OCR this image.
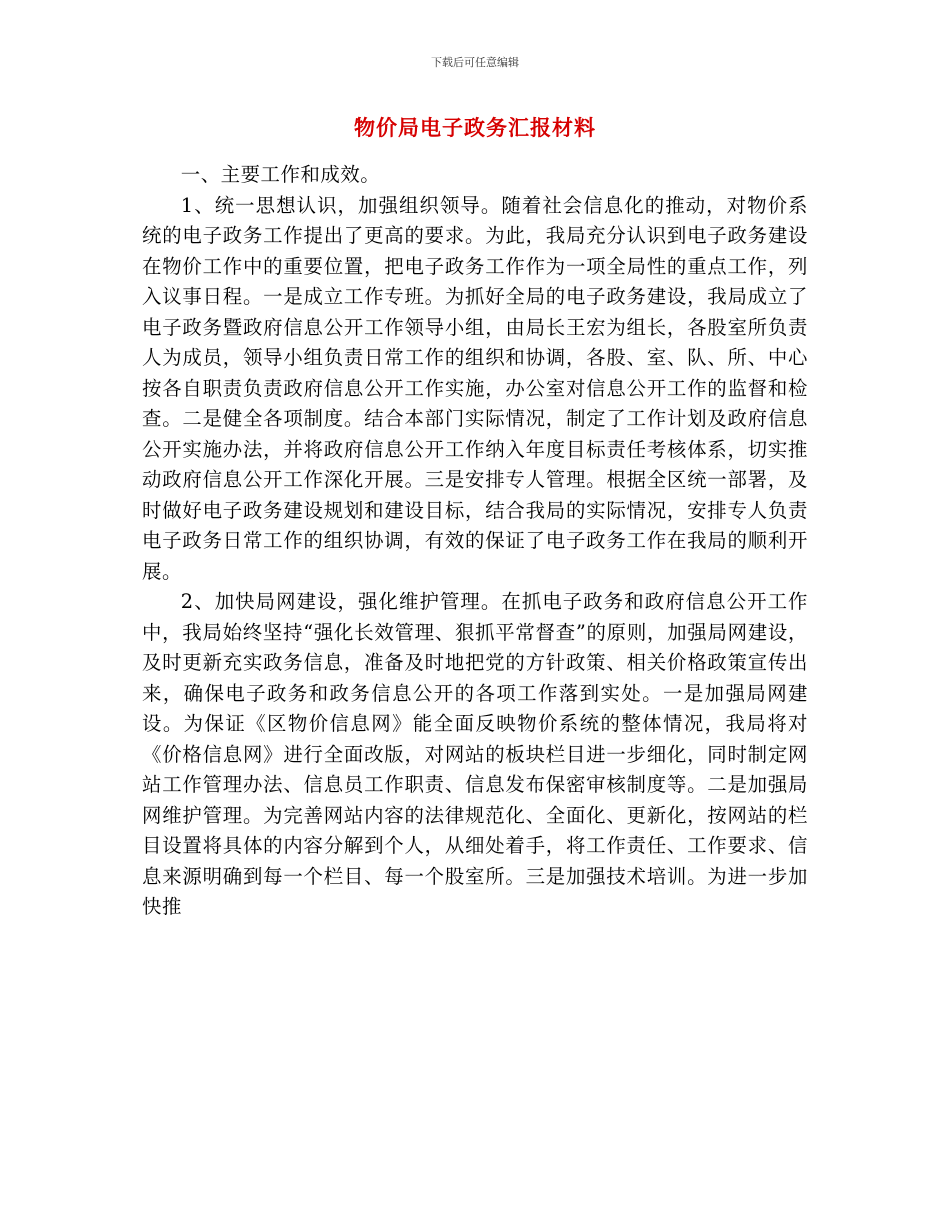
下载后可任意编辑
物价局电子政务汇报材料

一、主要工作和成效。

1、统一思想认识，加强组织领导。随着社会信息化的推动，对物价系统的电子政务工作提出了更高的要求。为此，我局充分认识到电子政务建设在物价工作中的重要位置，把电子政务工作作为一项全局性的重点工作，列入议事日程。一是成立工作专班。为抓好全局的电子政务建设，我局成立了电子政务暨政府信息公开工作领导小组，由局长王宏为组长，各股室所负责人为成员，领导小组负责日常工作的组织和协调，各股、室、队、所、中心按各自职责负责政府信息公开工作实施，办公室对信息公开工作的监督和检查。二是健全各项制度。结合本部门实际情况，制定了工作计划及政府信息公开实施办法，并将政府信息公开工作纳入年度目标责任考核体系，切实推动政府信息公开工作深化开展。三是安排专人管理。根据全区统一部署，及时做好电子政务建设规划和建设目标，结合我局的实际情况，安排专人负责电子政务日常工作的组织协调，有效的保证了电子政务工作在我局的顺利开展。

2、加快局网建设，强化维护管理。在抓电子政务和政府信息公开工作中，我局始终坚持“强化长效管理、狠抓平常督查”的原则，加强局网建设，及时更新充实政务信息，准备及时地把党的方针政策、相关价格政策宣传出来，确保电子政务和政务信息公开的各项工作落到实处。一是加强局网建设。为保证《区物价信息网》能全面反映物价系统的整体情况，我局将对《价格信息网》进行全面改版，对网站的板块栏目进一步细化，同时制定网站工作管理办法、信息员工作职责、信息发布保密审核制度等。二是加强局网维护管理。为完善网站内容的法律规范化、全面化、更新化，按网站的栏目设置将具体的内容分解到个人，从细处着手，将工作责任、工作要求、信息来源明确到每一个栏目、每一个股室所。三是加强技术培训。为进一步加快推
